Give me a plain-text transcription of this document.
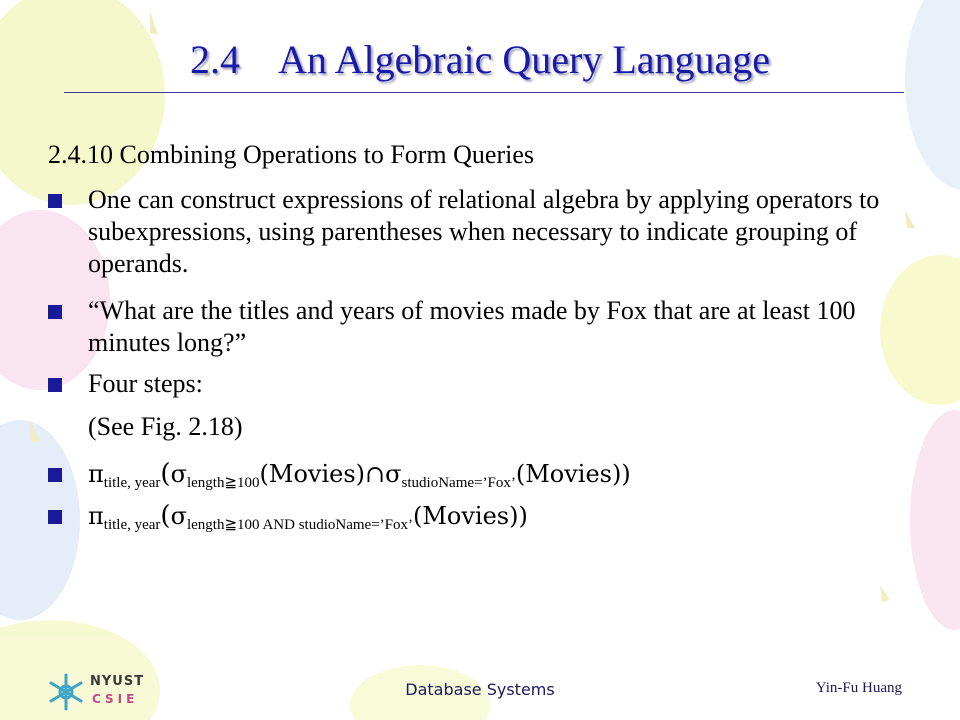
2.4 An Algebraic Query Language
2.4.10 Combining Operations to Form Queries
One can construct expressions of relational algebra by applying operators to subexpressions, using parentheses when necessary to indicate grouping of operands.
“What are the titles and years of movies made by Fox that are at least 100 minutes long?”
Four steps:
(See Fig. 2.18)
$\pi_{title, year}(\sigma_{length≧100}(Movies)\cap\sigma_{studioName=’Fox’}(Movies))$
$\pi_{title, year}(\sigma_{length≧100 AND studioName=’Fox’}(Movies))$
NYUST
CSIE	Database Systems	Yin-Fu Huang
